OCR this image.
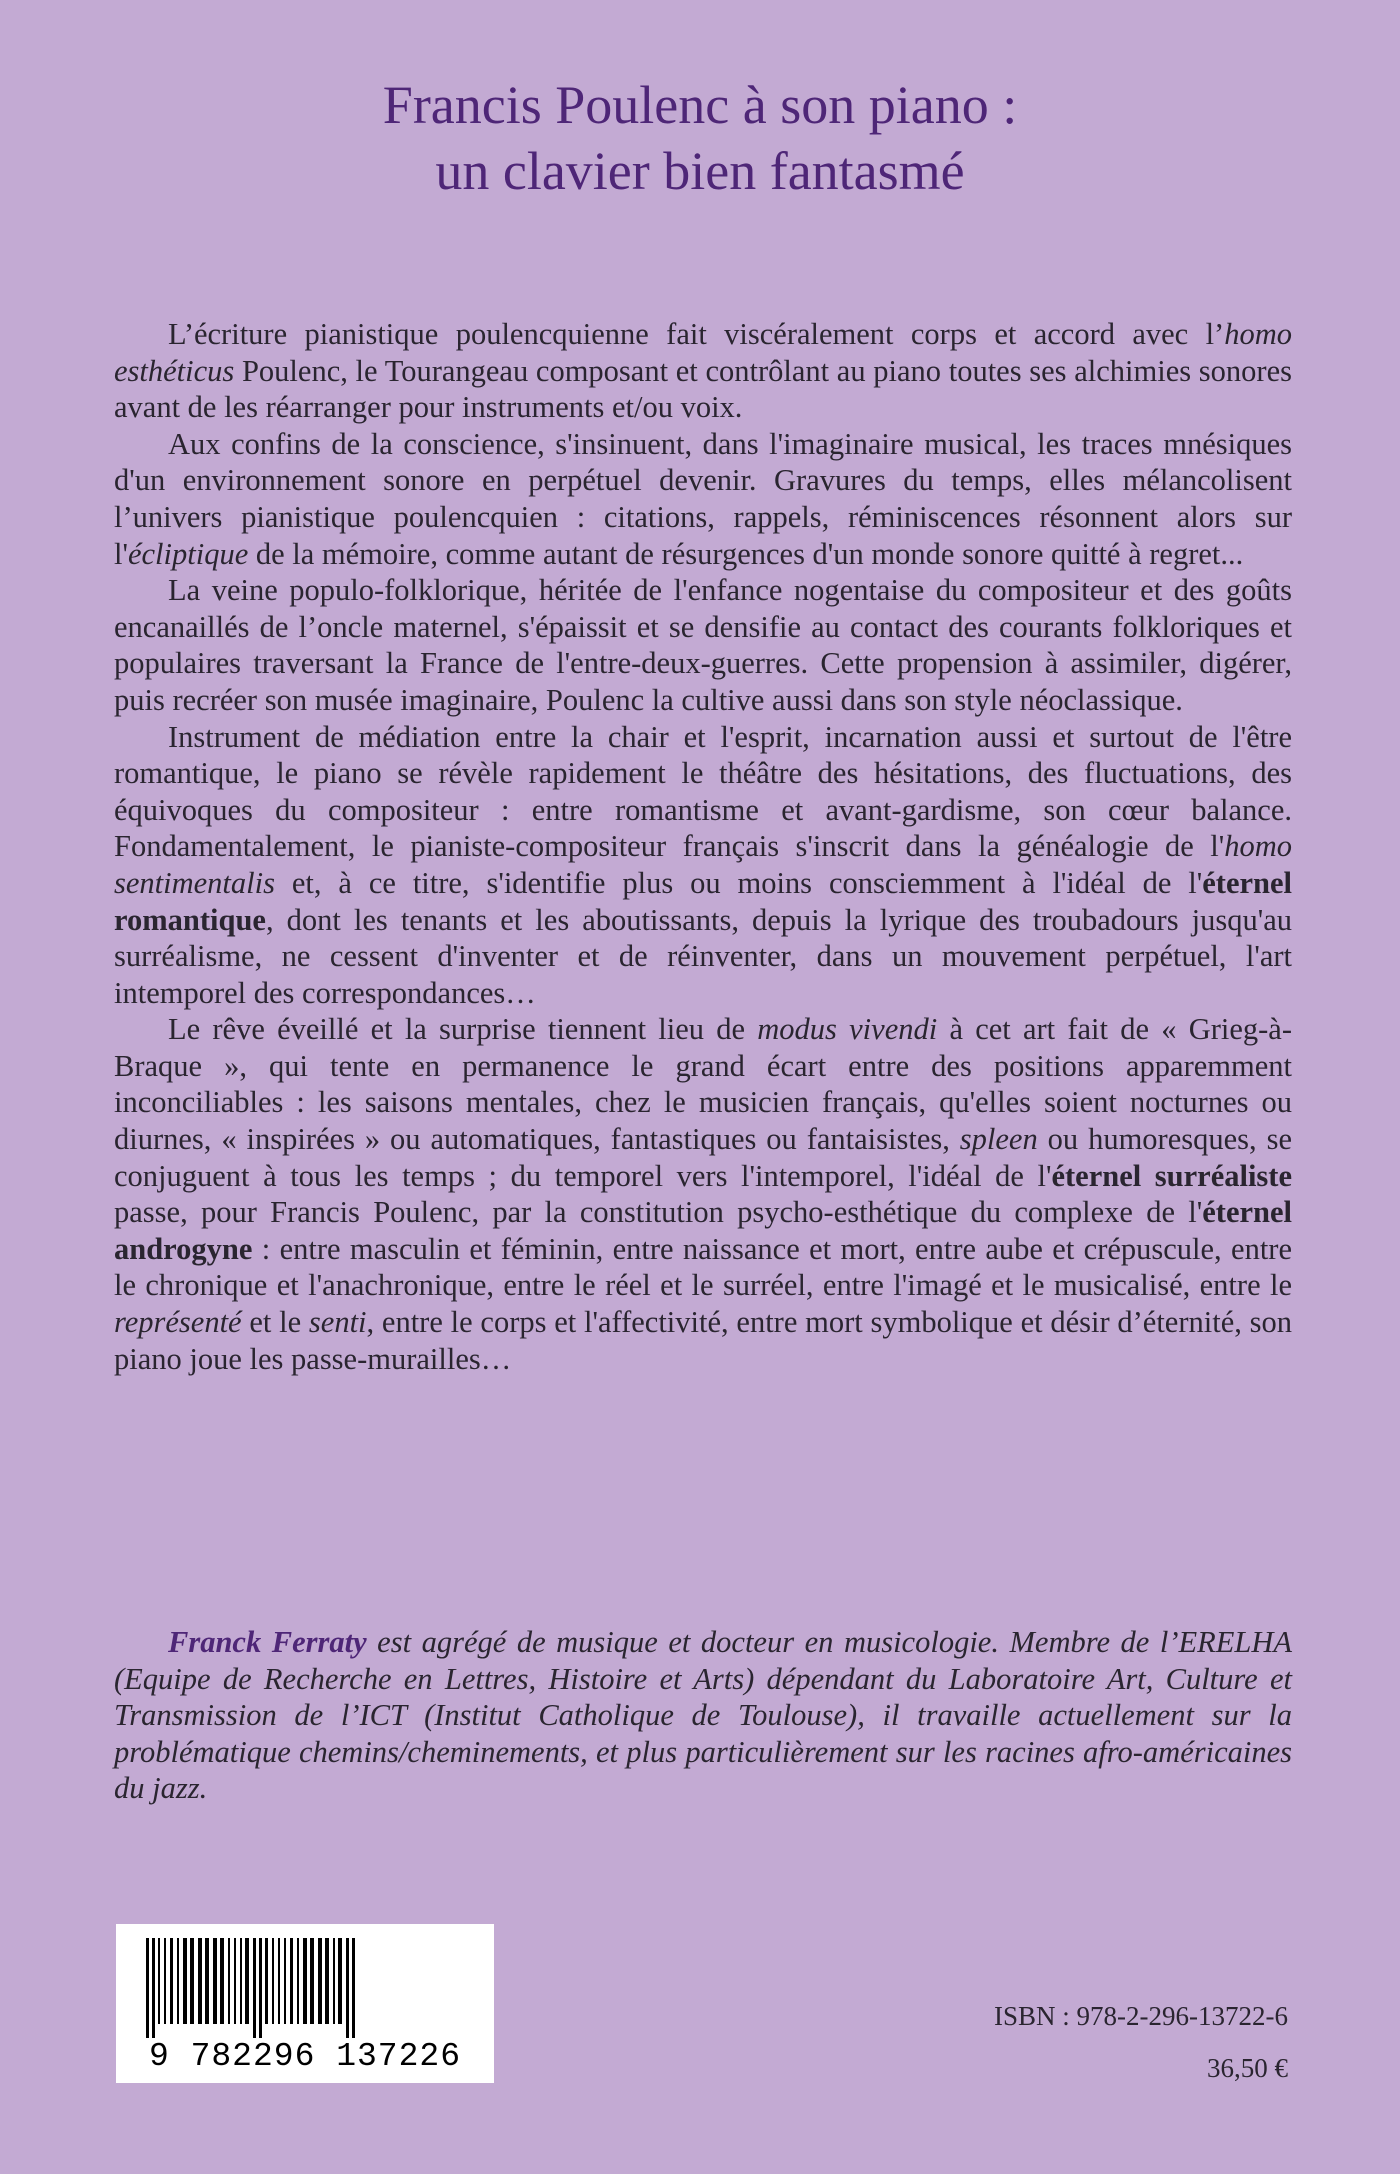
Francis Poulenc à son piano :
un clavier bien fantasmé

L’écriture pianistique poulencquienne fait viscéralement corps et accord avec l’homo esthéticus Poulenc, le Tourangeau composant et contrôlant au piano toutes ses alchimies sonores avant de les réarranger pour instruments et/ou voix.

Aux confins de la conscience, s'insinuent, dans l'imaginaire musical, les traces mnésiques d'un environnement sonore en perpétuel devenir. Gravures du temps, elles mélancolisent l’univers pianistique poulencquien : citations, rappels, réminiscences résonnent alors sur l'écliptique de la mémoire, comme autant de résurgences d'un monde sonore quitté à regret...

La veine populo-folklorique, héritée de l'enfance nogentaise du compositeur et des goûts encanaillés de l’oncle maternel, s'épaissit et se densifie au contact des courants folkloriques et populaires traversant la France de l'entre-deux-guerres. Cette propension à assimiler, digérer, puis recréer son musée imaginaire, Poulenc la cultive aussi dans son style néoclassique.

Instrument de médiation entre la chair et l'esprit, incarnation aussi et surtout de l'être romantique, le piano se révèle rapidement le théâtre des hésitations, des fluctuations, des équivoques du compositeur : entre romantisme et avant-gardisme, son cœur balance. Fondamentalement, le pianiste-compositeur français s'inscrit dans la généalogie de l'homo sentimentalis et, à ce titre, s'identifie plus ou moins consciemment à l'idéal de l'éternel romantique, dont les tenants et les aboutissants, depuis la lyrique des troubadours jusqu'au surréalisme, ne cessent d'inventer et de réinventer, dans un mouvement perpétuel, l'art intemporel des correspondances…

Le rêve éveillé et la surprise tiennent lieu de modus vivendi à cet art fait de « Grieg-à-Braque », qui tente en permanence le grand écart entre des positions apparemment inconciliables : les saisons mentales, chez le musicien français, qu'elles soient nocturnes ou diurnes, « inspirées » ou automatiques, fantastiques ou fantaisistes, spleen ou humoresques, se conjuguent à tous les temps ; du temporel vers l'intemporel, l'idéal de l'éternel surréaliste passe, pour Francis Poulenc, par la constitution psycho-esthétique du complexe de l'éternel androgyne : entre masculin et féminin, entre naissance et mort, entre aube et crépuscule, entre le chronique et l'anachronique, entre le réel et le surréel, entre l'imagé et le musicalisé, entre le représenté et le senti, entre le corps et l'affectivité, entre mort symbolique et désir d’éternité, son piano joue les passe-murailles…

Franck Ferraty est agrégé de musique et docteur en musicologie. Membre de l’ERELHA (Equipe de Recherche en Lettres, Histoire et Arts) dépendant du Laboratoire Art, Culture et Transmission de l’ICT (Institut Catholique de Toulouse), il travaille actuellement sur la problématique chemins/cheminements, et plus particulièrement sur les racines afro-américaines du jazz.

9 782296 137226
ISBN : 978-2-296-13722-6
36,50 €
